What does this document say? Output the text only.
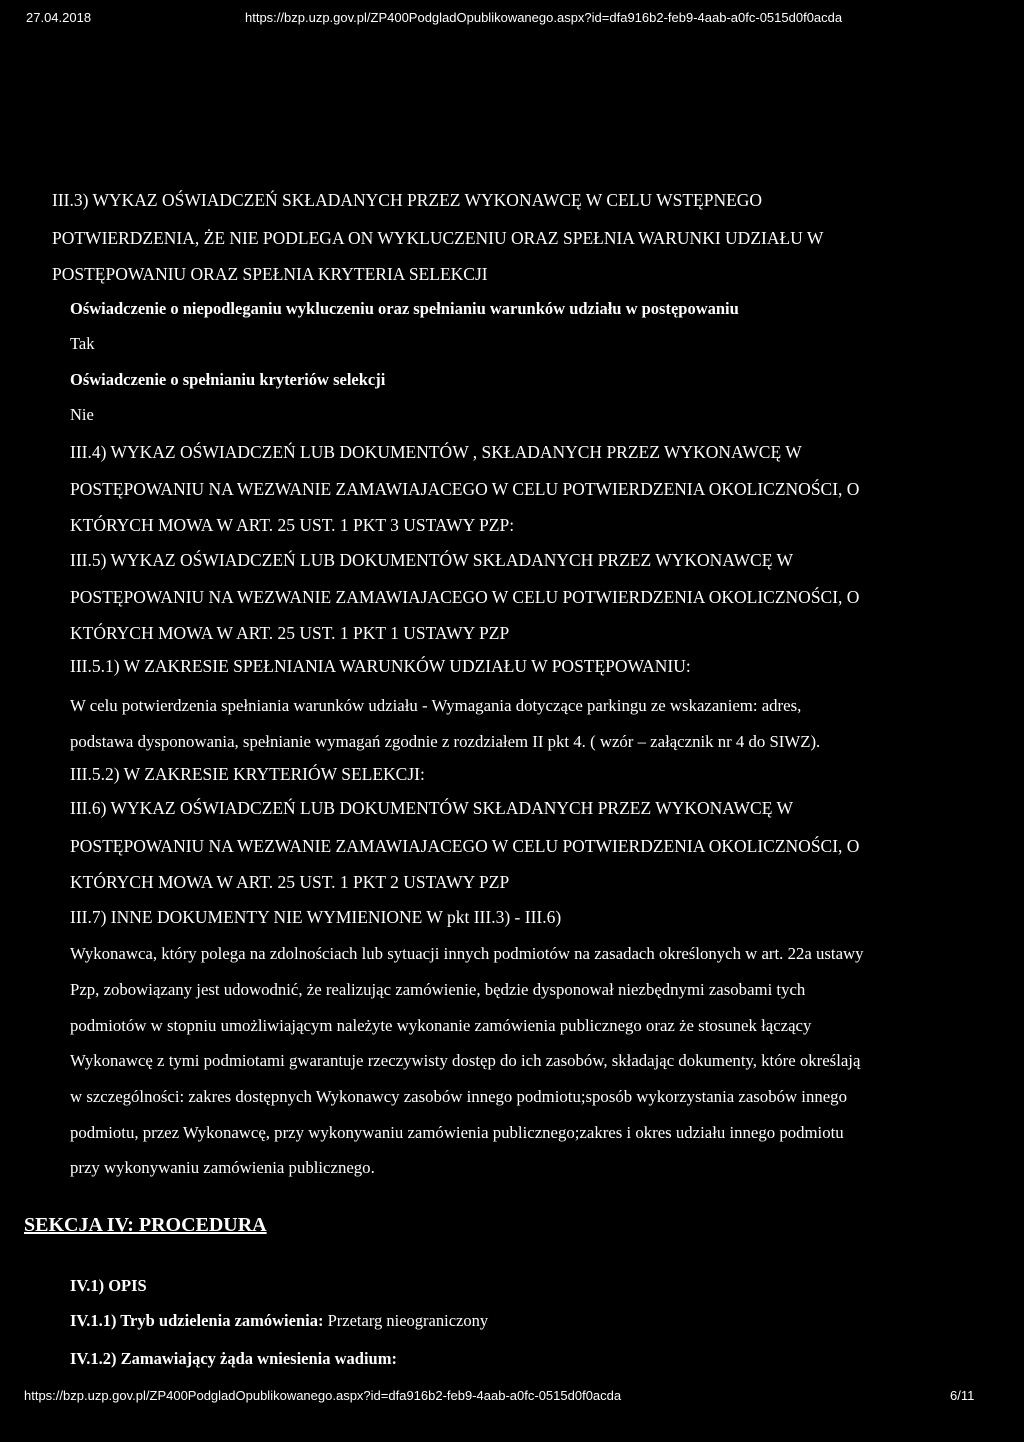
27.04.2018	https://bzp.uzp.gov.pl/ZP400PodgladOpublikowanego.aspx?id=dfa916b2-feb9-4aab-a0fc-0515d0f0acda
III.3) WYKAZ OŚWIADCZEŃ SKŁADANYCH PRZEZ WYKONAWCĘ W CELU WSTĘPNEGO
POTWIERDZENIA, ŻE NIE PODLEGA ON WYKLUCZENIU ORAZ SPEŁNIA WARUNKI UDZIAŁU W
POSTĘPOWANIU ORAZ SPEŁNIA KRYTERIA SELEKCJI
Oświadczenie o niepodleganiu wykluczeniu oraz spełnianiu warunków udziału w postępowaniu
Tak
Oświadczenie o spełnianiu kryteriów selekcji
Nie
III.4) WYKAZ OŚWIADCZEŃ LUB DOKUMENTÓW , SKŁADANYCH PRZEZ WYKONAWCĘ W
POSTĘPOWANIU NA WEZWANIE ZAMAWIAJACEGO W CELU POTWIERDZENIA OKOLICZNOŚCI, O
KTÓRYCH MOWA W ART. 25 UST. 1 PKT 3 USTAWY PZP:
III.5) WYKAZ OŚWIADCZEŃ LUB DOKUMENTÓW SKŁADANYCH PRZEZ WYKONAWCĘ W
POSTĘPOWANIU NA WEZWANIE ZAMAWIAJACEGO W CELU POTWIERDZENIA OKOLICZNOŚCI, O
KTÓRYCH MOWA W ART. 25 UST. 1 PKT 1 USTAWY PZP
III.5.1) W ZAKRESIE SPEŁNIANIA WARUNKÓW UDZIAŁU W POSTĘPOWANIU:
W celu potwierdzenia spełniania warunków udziału - Wymagania dotyczące parkingu ze wskazaniem: adres,
podstawa dysponowania, spełnianie wymagań zgodnie z rozdziałem II pkt 4. ( wzór – załącznik nr 4 do SIWZ).
III.5.2) W ZAKRESIE KRYTERIÓW SELEKCJI:
III.6) WYKAZ OŚWIADCZEŃ LUB DOKUMENTÓW SKŁADANYCH PRZEZ WYKONAWCĘ W
POSTĘPOWANIU NA WEZWANIE ZAMAWIAJACEGO W CELU POTWIERDZENIA OKOLICZNOŚCI, O
KTÓRYCH MOWA W ART. 25 UST. 1 PKT 2 USTAWY PZP
III.7) INNE DOKUMENTY NIE WYMIENIONE W pkt III.3) - III.6)
Wykonawca, który polega na zdolnościach lub sytuacji innych podmiotów na zasadach określonych w art. 22a ustawy
Pzp, zobowiązany jest udowodnić, że realizując zamówienie, będzie dysponował niezbędnymi zasobami tych
podmiotów w stopniu umożliwiającym należyte wykonanie zamówienia publicznego oraz że stosunek łączący
Wykonawcę z tymi podmiotami gwarantuje rzeczywisty dostęp do ich zasobów, składając dokumenty, które określają
w szczególności: zakres dostępnych Wykonawcy zasobów innego podmiotu;sposób wykorzystania zasobów innego
podmiotu, przez Wykonawcę, przy wykonywaniu zamówienia publicznego;zakres i okres udziału innego podmiotu
przy wykonywaniu zamówienia publicznego.
SEKCJA IV: PROCEDURA
IV.1) OPIS
IV.1.1) Tryb udzielenia zamówienia: Przetarg nieograniczony
IV.1.2) Zamawiający żąda wniesienia wadium:
https://bzp.uzp.gov.pl/ZP400PodgladOpublikowanego.aspx?id=dfa916b2-feb9-4aab-a0fc-0515d0f0acda	6/11
